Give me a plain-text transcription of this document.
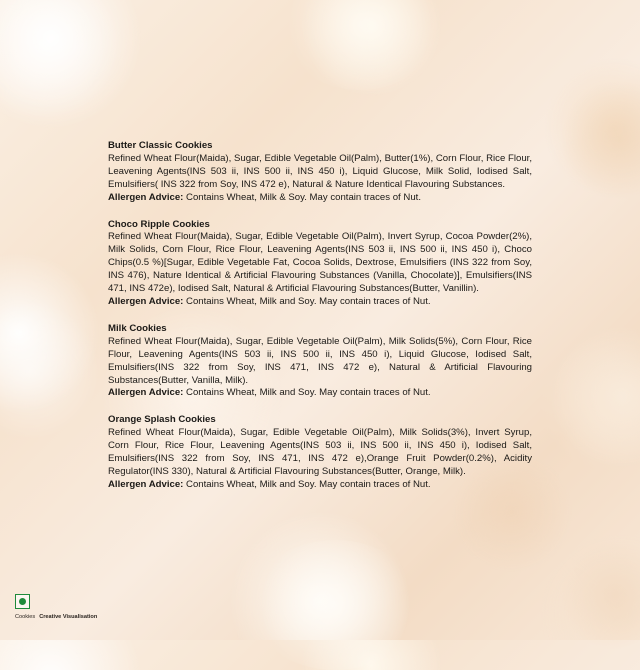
Butter Classic Cookies

Refined Wheat Flour(Maida), Sugar, Edible Vegetable Oil(Palm), Butter(1%), Corn Flour, Rice Flour, Leavening Agents(INS 503 ii, INS 500 ii, INS 450 i), Liquid Glucose, Milk Solid, Iodised Salt, Emulsifiers( INS 322 from Soy, INS 472 e), Natural & Nature Identical Flavouring Substances.

Allergen Advice: Contains Wheat, Milk & Soy. May contain traces of Nut.

Choco Ripple Cookies

Refined Wheat Flour(Maida), Sugar, Edible Vegetable Oil(Palm), Invert Syrup, Cocoa Powder(2%), Milk Solids, Corn Flour, Rice Flour, Leavening Agents(INS 503 ii, INS 500 ii, INS 450 i), Choco Chips(0.5 %)[Sugar, Edible Vegetable Fat, Cocoa Solids, Dextrose, Emulsifiers (INS 322 from Soy, INS 476), Nature Identical & Artificial Flavouring Substances (Vanilla, Chocolate)], Emulsifiers(INS 471, INS 472e), Iodised Salt, Natural & Artificial Flavouring Substances(Butter, Vanillin).

Allergen Advice: Contains Wheat, Milk and Soy. May contain traces of Nut.

Milk Cookies

Refined Wheat Flour(Maida), Sugar, Edible Vegetable Oil(Palm), Milk Solids(5%), Corn Flour, Rice Flour, Leavening Agents(INS 503 ii, INS 500 ii, INS 450 i), Liquid Glucose, Iodised Salt, Emulsifiers(INS 322 from Soy, INS 471, INS 472 e), Natural & Artificial Flavouring Substances(Butter, Vanilla, Milk).

Allergen Advice: Contains Wheat, Milk and Soy. May contain traces of Nut.

Orange Splash Cookies

Refined Wheat Flour(Maida), Sugar, Edible Vegetable Oil(Palm), Milk Solids(3%), Invert Syrup, Corn Flour, Rice Flour, Leavening Agents(INS 503 ii, INS 500 ii, INS 450 i), Iodised Salt, Emulsifiers(INS 322 from Soy, INS 471, INS 472 e),Orange Fruit Powder(0.2%), Acidity Regulator(INS 330), Natural & Artificial Flavouring Substances(Butter, Orange, Milk).

Allergen Advice: Contains Wheat, Milk and Soy. May contain traces of Nut.

Cookies Creative Visualisation
